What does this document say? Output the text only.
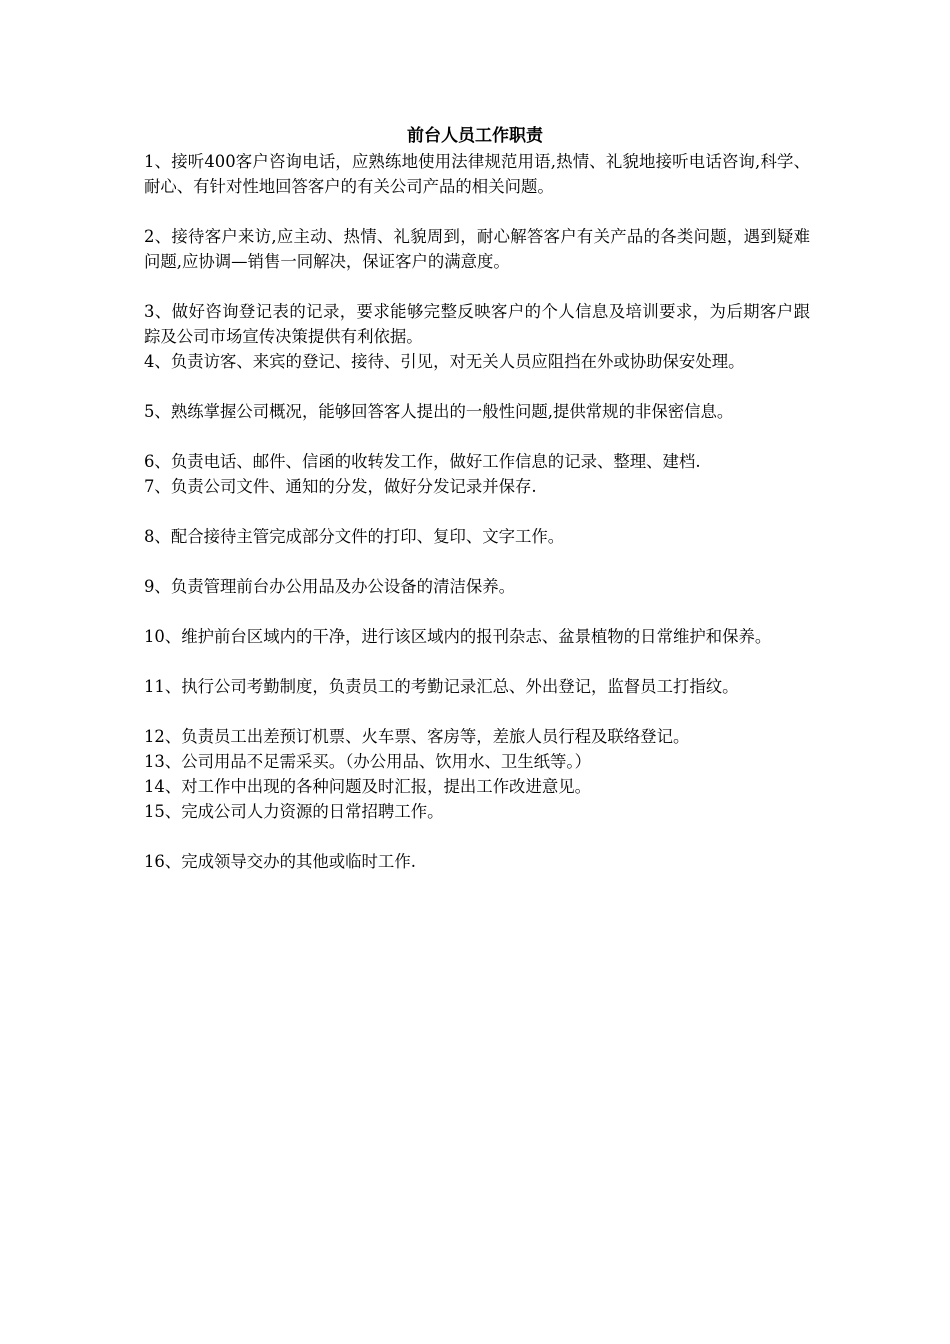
前台人员工作职责

1、接听400客户咨询电话，应熟练地使用法律规范用语,热情、礼貌地接听电话咨询,科学、耐心、有针对性地回答客户的有关公司产品的相关问题。

2、接待客户来访,应主动、热情、礼貌周到，耐心解答客户有关产品的各类问题，遇到疑难问题,应协调—销售一同解决，保证客户的满意度。

3、做好咨询登记表的记录，要求能够完整反映客户的个人信息及培训要求，为后期客户跟踪及公司市场宣传决策提供有利依据。

4、负责访客、来宾的登记、接待、引见，对无关人员应阻挡在外或协助保安处理。

5、熟练掌握公司概况，能够回答客人提出的一般性问题,提供常规的非保密信息。

6、负责电话、邮件、信函的收转发工作，做好工作信息的记录、整理、建档.

7、负责公司文件、通知的分发，做好分发记录并保存.

8、配合接待主管完成部分文件的打印、复印、文字工作。

9、负责管理前台办公用品及办公设备的清洁保养。

10、维护前台区域内的干净，进行该区域内的报刊杂志、盆景植物的日常维护和保养。

11、执行公司考勤制度，负责员工的考勤记录汇总、外出登记，监督员工打指纹。

12、负责员工出差预订机票、火车票、客房等，差旅人员行程及联络登记。

13、公司用品不足需采买。（办公用品、饮用水、卫生纸等。）

14、对工作中出现的各种问题及时汇报，提出工作改进意见。

15、完成公司人力资源的日常招聘工作。

16、完成领导交办的其他或临时工作.
